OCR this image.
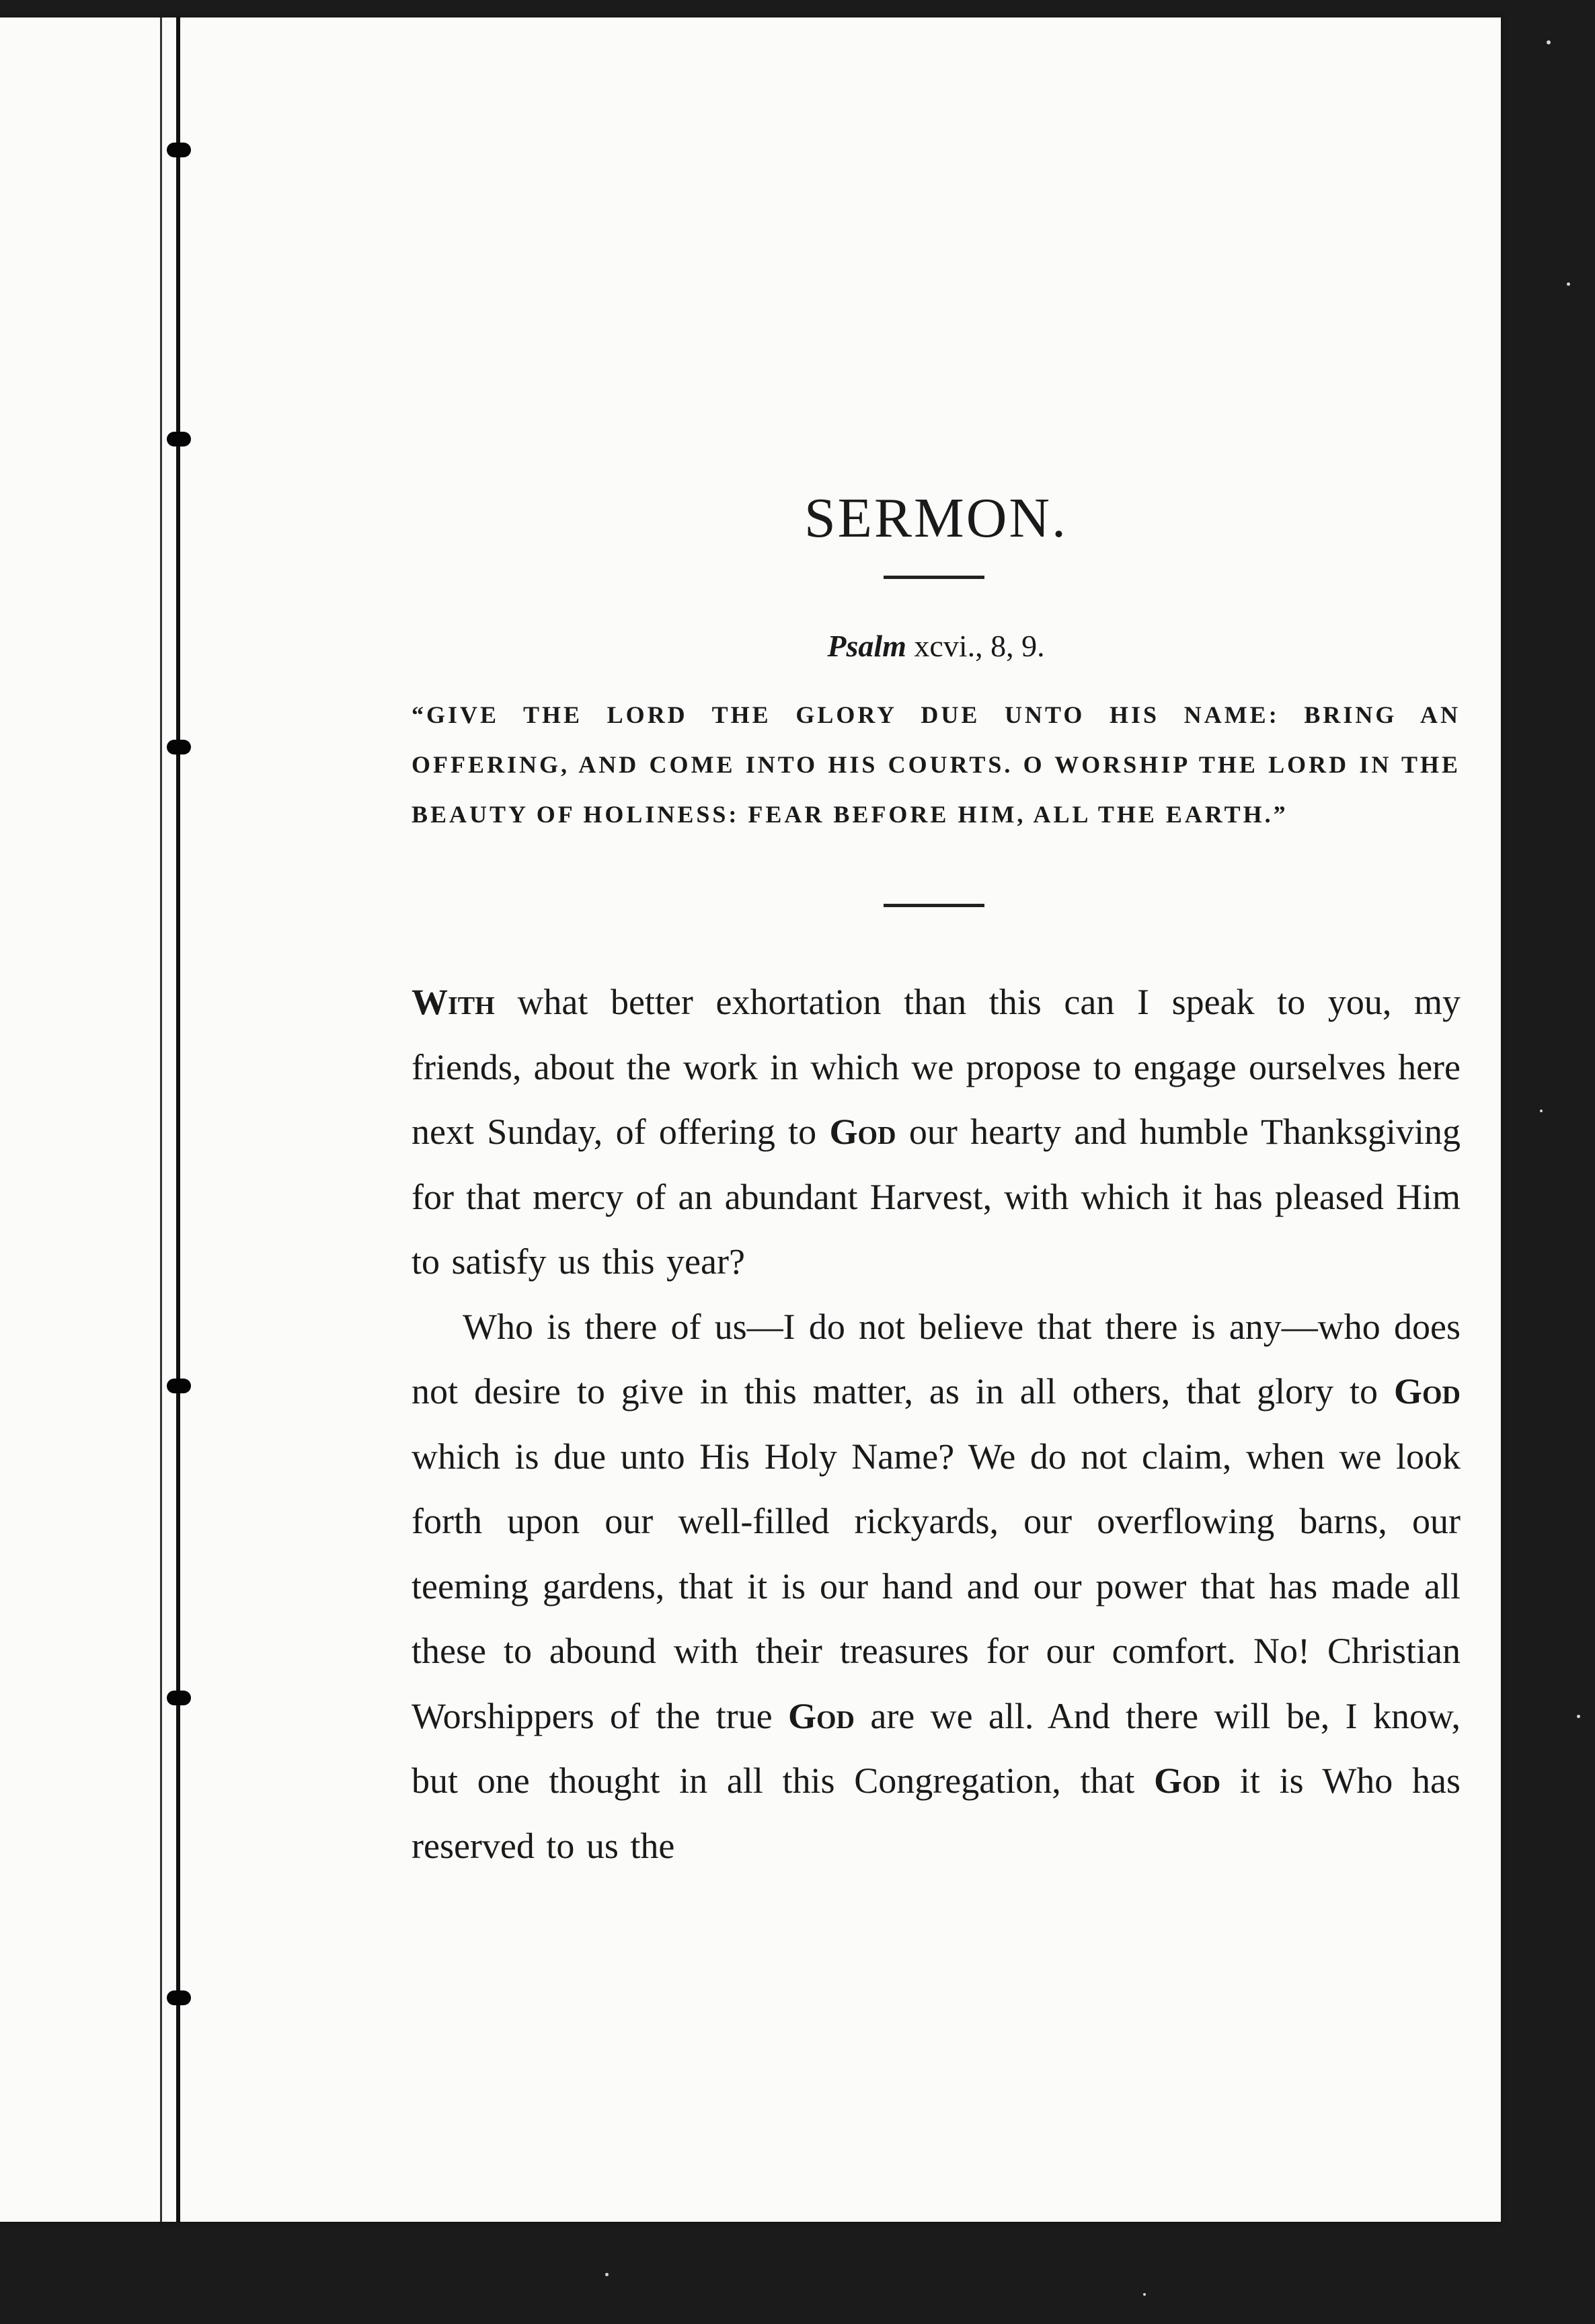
SERMON.
Psalm xcvi., 8, 9.
“GIVE THE LORD THE GLORY DUE UNTO HIS NAME: BRING AN OFFERING, AND COME INTO HIS COURTS. O WORSHIP THE LORD IN THE BEAUTY OF HOLINESS: FEAR BEFORE HIM, ALL THE EARTH.”

With what better exhortation than this can I speak to you, my friends, about the work in which we propose to engage ourselves here next Sunday, of offering to God our hearty and humble Thanksgiving for that mercy of an abundant Harvest, with which it has pleased Him to satisfy us this year?

Who is there of us—I do not believe that there is any—who does not desire to give in this matter, as in all others, that glory to God which is due unto His Holy Name? We do not claim, when we look forth upon our well-filled rickyards, our overflowing barns, our teeming gardens, that it is our hand and our power that has made all these to abound with their treasures for our comfort. No! Christian Worshippers of the true God are we all. And there will be, I know, but one thought in all this Congregation, that God it is Who has reserved to us the
